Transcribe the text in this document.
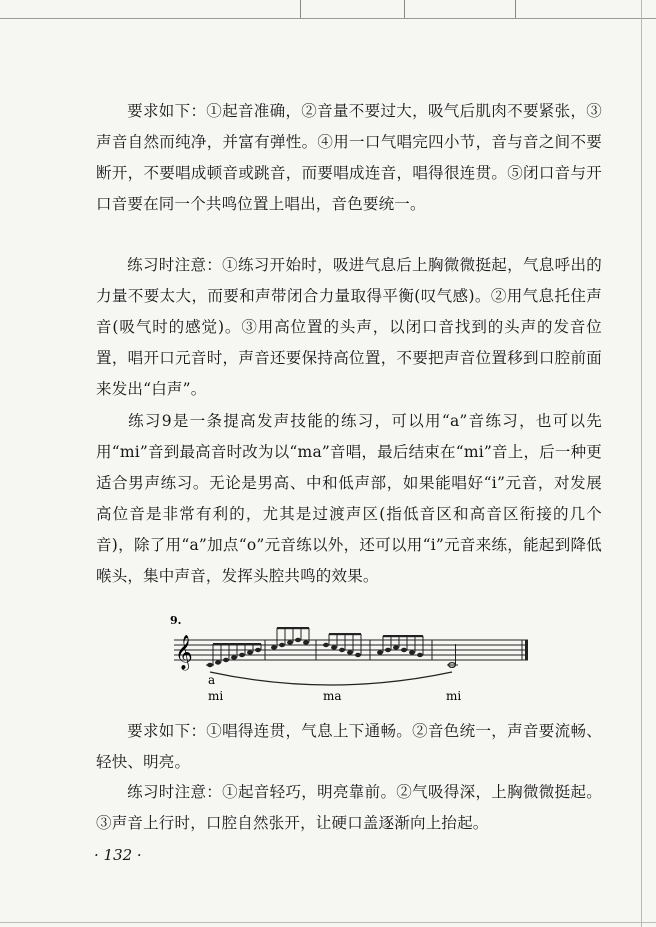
要求如下：①起音准确，②音量不要过大，吸气后肌肉不要紧张，③声音自然而纯净，并富有弹性。④用一口气唱完四小节，音与音之间不要断开，不要唱成顿音或跳音，而要唱成连音，唱得很连贯。⑤闭口音与开口音要在同一个共鸣位置上唱出，音色要统一。

练习时注意：①练习开始时，吸进气息后上胸微微挺起，气息呼出的力量不要太大，而要和声带闭合力量取得平衡(叹气感)。②用气息托住声音(吸气时的感觉)。③用高位置的头声，以闭口音找到的头声的发音位置，唱开口元音时，声音还要保持高位置，不要把声音位置移到口腔前面来发出“白声”。

练习9是一条提高发声技能的练习，可以用“a”音练习，也可以先用“mi”音到最高音时改为以“ma”音唱，最后结束在“mi”音上，后一种更适合男声练习。无论是男高、中和低声部，如果能唱好“i”元音，对发展高位音是非常有利的，尤其是过渡声区(指低音区和高音区衔接的几个音)，除了用“a”加点“o”元音练以外，还可以用“i”元音来练，能起到降低喉头，集中声音，发挥头腔共鸣的效果。

9.
𝄞
a
mi	ma	mi

要求如下：①唱得连贯，气息上下通畅。②音色统一，声音要流畅、轻快、明亮。

练习时注意：①起音轻巧，明亮靠前。②气吸得深，上胸微微挺起。③声音上行时，口腔自然张开，让硬口盖逐渐向上抬起。

· 132 ·
